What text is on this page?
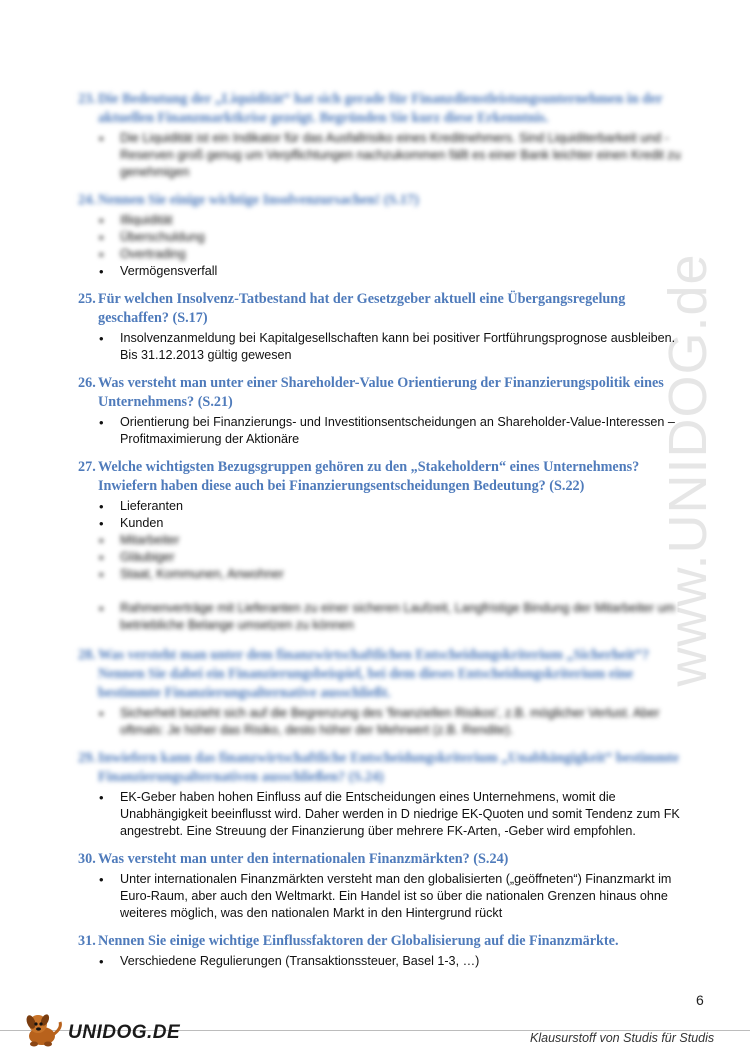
www.UNIDOG.de

23. Die Bedeutung der „Liquidität“ hat sich gerade für Finanzdienstleistungsunternehmen in der aktuellen Finanzmarktkrise gezeigt. Begründen Sie kurz diese Erkenntnis.

• Die Liquidität ist ein Indikator für das Ausfallrisiko eines Kreditnehmers. Sind Liquiditerbarkeit und -Reserven groß genug um Verpflichtungen nachzukommen fällt es einer Bank leichter einen Kredit zu genehmigen

24. Nennen Sie einige wichtige Insolvenzursachen! (S.17)

• Illiquidität
• Überschuldung
• Overtrading
• Vermögensverfall

25. Für welchen Insolvenz-Tatbestand hat der Gesetzgeber aktuell eine Übergangsregelung geschaffen? (S.17)

• Insolvenzanmeldung bei Kapitalgesellschaften kann bei positiver Fortführungsprognose ausbleiben. Bis 31.12.2013 gültig gewesen

26. Was versteht man unter einer Shareholder-Value Orientierung der Finanzierungspolitik eines Unternehmens? (S.21)

• Orientierung bei Finanzierungs- und Investitionsentscheidungen an Shareholder-Value-Interessen – Profitmaximierung der Aktionäre

27. Welche wichtigsten Bezugsgruppen gehören zu den „Stakeholdern“ eines Unternehmens? Inwiefern haben diese auch bei Finanzierungsentscheidungen Bedeutung? (S.22)

• Lieferanten
• Kunden
• Mitarbeiter
• Gläubiger
• Staat, Kommunen, Anwohner
• Rahmenverträge mit Lieferanten zu einer sicheren Laufzeit, Langfristige Bindung der Mitarbeiter um betriebliche Belange umsetzen zu können

28. Was versteht man unter dem finanzwirtschaftlichen Entscheidungskriterium „Sicherheit“? Nennen Sie dabei ein Finanzierungsbeispiel, bei dem dieses Entscheidungskriterium eine bestimmte Finanzierungsalternative ausschließt.

• Sicherheit bezieht sich auf die Begrenzung des 'finanziellen Risikos', z.B. möglicher Verlust. Aber oftmals: Je höher das Risiko, desto höher der Mehrwert (z.B. Rendite).

29. Inwiefern kann das finanzwirtschaftliche Entscheidungskriterium „Unabhängigkeit“ bestimmte Finanzierungsalternativen ausschließen? (S.24)

• EK-Geber haben hohen Einfluss auf die Entscheidungen eines Unternehmens, womit die Unabhängigkeit beeinflusst wird. Daher werden in D niedrige EK-Quoten und somit Tendenz zum FK angestrebt. Eine Streuung der Finanzierung über mehrere FK-Arten, -Geber wird empfohlen.

30. Was versteht man unter den internationalen Finanzmärkten? (S.24)

• Unter internationalen Finanzmärkten versteht man den globalisierten („geöffneten“) Finanzmarkt im Euro-Raum, aber auch den Weltmarkt. Ein Handel ist so über die nationalen Grenzen hinaus ohne weiteres möglich, was den nationalen Markt in den Hintergrund rückt

31. Nennen Sie einige wichtige Einflussfaktoren der Globalisierung auf die Finanzmärkte.

• Verschiedene Regulierungen (Transaktionssteuer, Basel 1-3, …)
6
UNIDOG.DE	Klausurstoff von Studis für Studis
